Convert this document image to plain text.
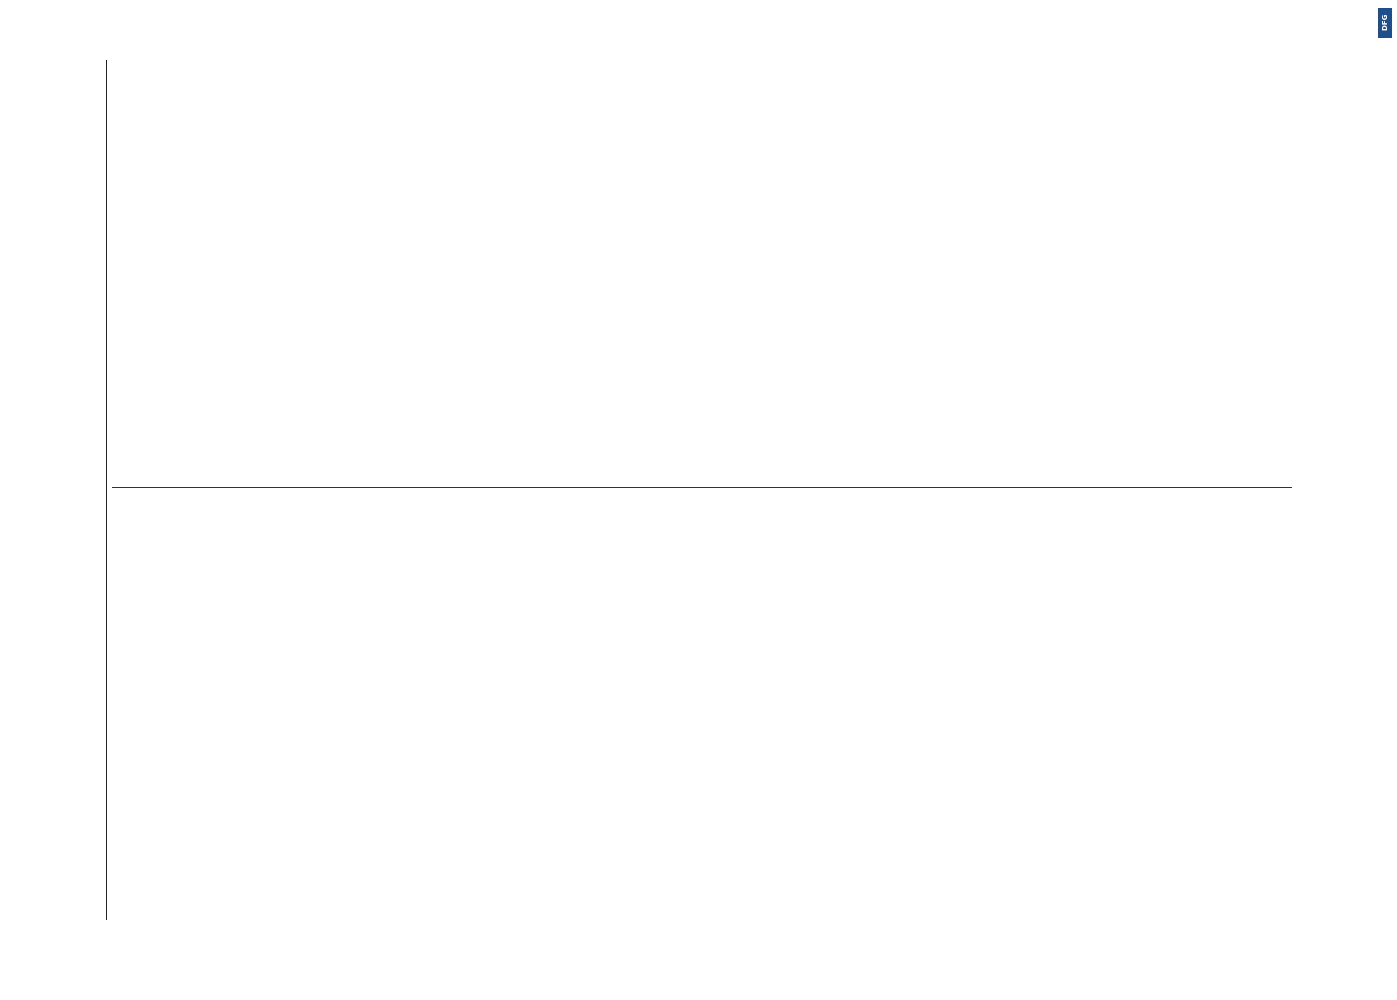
DFG
